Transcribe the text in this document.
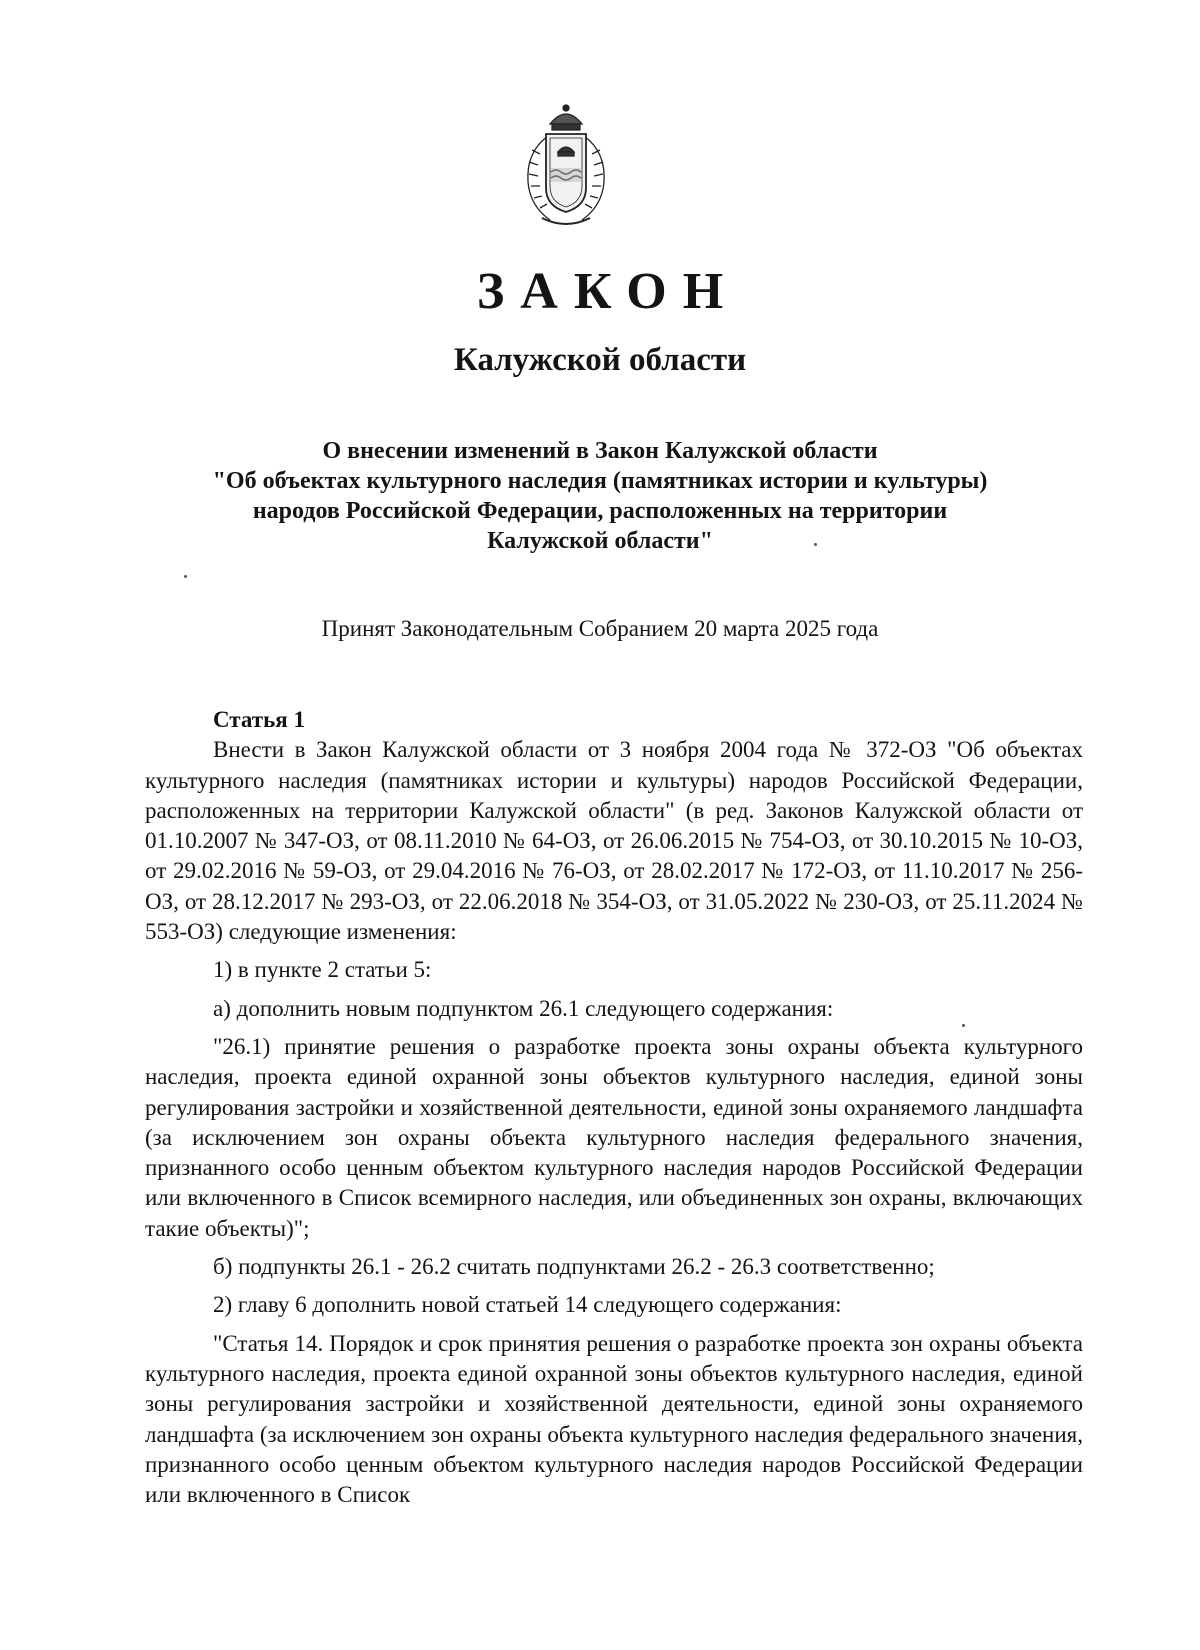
ЗАКОН
Калужской области
О внесении изменений в Закон Калужской области
"Об объектах культурного наследия (памятниках истории и культуры)
народов Российской Федерации, расположенных на территории
Калужской области"
Принят Законодательным Собранием 20 марта 2025 года
Статья 1

Внести в Закон Калужской области от 3 ноября 2004 года № 372-ОЗ "Об объектах культурного наследия (памятниках истории и культуры) народов Российской Федерации, расположенных на территории Калужской области" (в ред. Законов Калужской области от 01.10.2007 № 347-ОЗ, от 08.11.2010 № 64-ОЗ, от 26.06.2015 № 754-ОЗ, от 30.10.2015 № 10-ОЗ, от 29.02.2016 № 59-ОЗ, от 29.04.2016 № 76-ОЗ, от 28.02.2017 № 172-ОЗ, от 11.10.2017 № 256-ОЗ, от 28.12.2017 № 293-ОЗ, от 22.06.2018 № 354-ОЗ, от 31.05.2022 № 230-ОЗ, от 25.11.2024 № 553-ОЗ) следующие изменения:

1) в пункте 2 статьи 5:

а) дополнить новым подпунктом 26.1 следующего содержания:

"26.1) принятие решения о разработке проекта зоны охраны объекта культурного наследия, проекта единой охранной зоны объектов культурного наследия, единой зоны регулирования застройки и хозяйственной деятельности, единой зоны охраняемого ландшафта (за исключением зон охраны объекта культурного наследия федерального значения, признанного особо ценным объектом культурного наследия народов Российской Федерации или включенного в Список всемирного наследия, или объединенных зон охраны, включающих такие объекты)";

б) подпункты 26.1 - 26.2 считать подпунктами 26.2 - 26.3 соответственно;

2) главу 6 дополнить новой статьей 14 следующего содержания:

"Статья 14. Порядок и срок принятия решения о разработке проекта зон охраны объекта культурного наследия, проекта единой охранной зоны объектов культурного наследия, единой зоны регулирования застройки и хозяйственной деятельности, единой зоны охраняемого ландшафта (за исключением зон охраны объекта культурного наследия федерального значения, признанного особо ценным объектом культурного наследия народов Российской Федерации или включенного в Список
